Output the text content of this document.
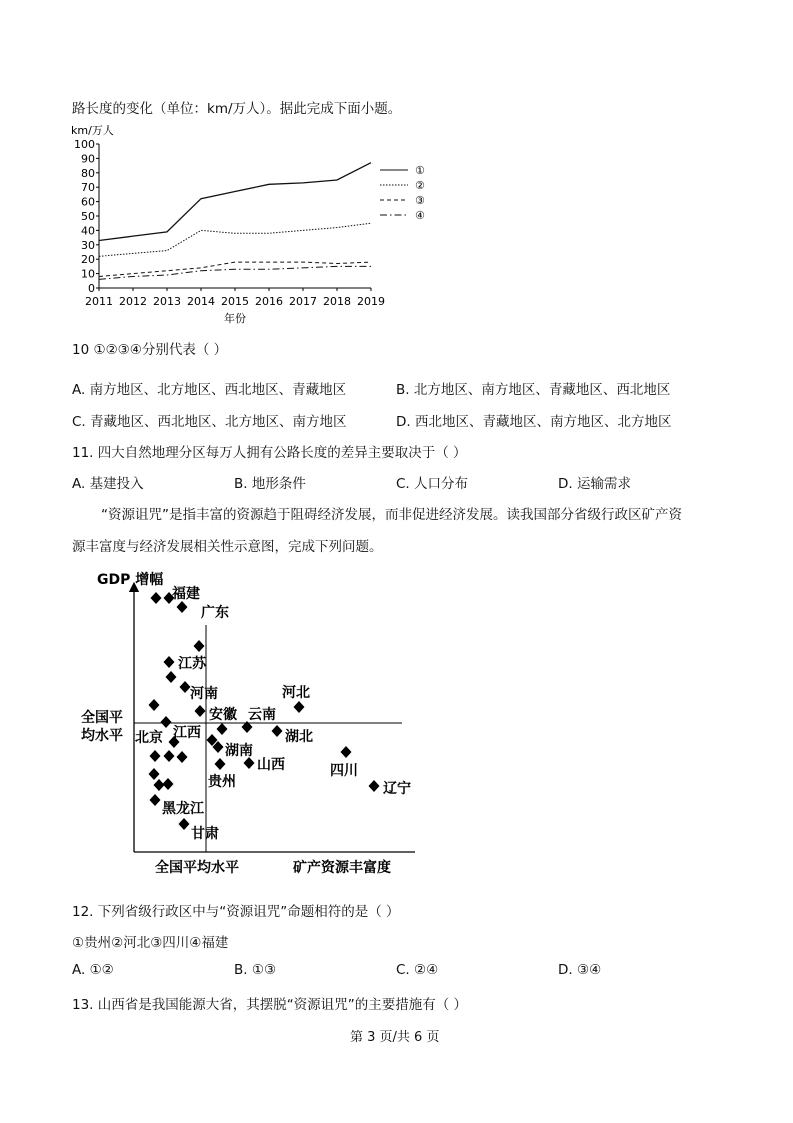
路长度的变化（单位：km/万人）。据此完成下面小题。
km/万人
0
10
20
30
40
50
60
70
80
90
100
2011 2012 2013 2014 2015 2016 2017 2018 2019
①
②
③
④
年份
10 ①②③④分别代表（ ）
A. 南方地区、北方地区、西北地区、青藏地区	B. 北方地区、南方地区、青藏地区、西北地区
C. 青藏地区、西北地区、北方地区、南方地区	D. 西北地区、青藏地区、南方地区、北方地区
11. 四大自然地理分区每万人拥有公路长度的差异主要取决于（ ）
A. 基建投入	B. 地形条件	C. 人口分布	D. 运输需求
“资源诅咒”是指丰富的资源趋于阻碍经济发展，而非促进经济发展。读我国部分省级行政区矿产资
源丰富度与经济发展相关性示意图，完成下列问题。
GDP 增幅
矿产资源丰富度
全国平均水平
全国平
均水平
福建
广东
江苏
河南	河北
安徽 云南
北京 江西	湖北
湖南
山西	四川
辽宁
贵州
黑龙江
甘肃
12. 下列省级行政区中与“资源诅咒”命题相符的是（ ）
①贵州②河北③四川④福建
A. ①②	B. ①③	C. ②④	D. ③④
13. 山西省是我国能源大省，其摆脱“资源诅咒”的主要措施有（ ）
第 3 页/共 6 页
